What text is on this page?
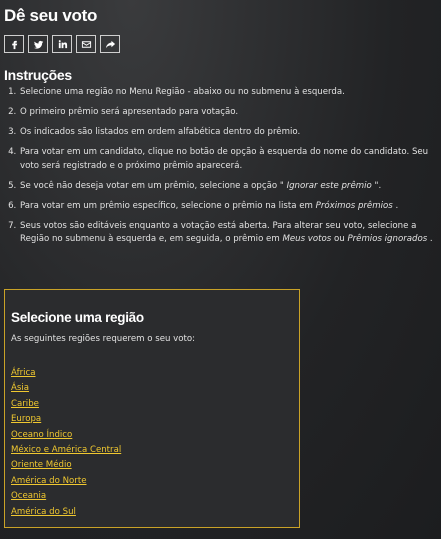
Dê seu voto
Instruções
1. Selecione uma região no Menu Região - abaixo ou no submenu à esquerda.
2. O primeiro prêmio será apresentado para votação.
3. Os indicados são listados em ordem alfabética dentro do prêmio.
4. Para votar em um candidato, clique no botão de opção à esquerda do nome do candidato. Seu voto será registrado e o próximo prêmio aparecerá.
5. Se você não deseja votar em um prêmio, selecione a opção " Ignorar este prêmio ".
6. Para votar em um prêmio específico, selecione o prêmio na lista em Próximos prêmios .
7. Seus votos são editáveis enquanto a votação está aberta. Para alterar seu voto, selecione a Região no submenu à esquerda e, em seguida, o prêmio em Meus votos ou Prêmios ignorados .
Selecione uma região
As seguintes regiões requerem o seu voto:
África
Ásia
Caribe
Europa
Oceano Índico
México e América Central
Oriente Médio
América do Norte
Oceania
América do Sul
